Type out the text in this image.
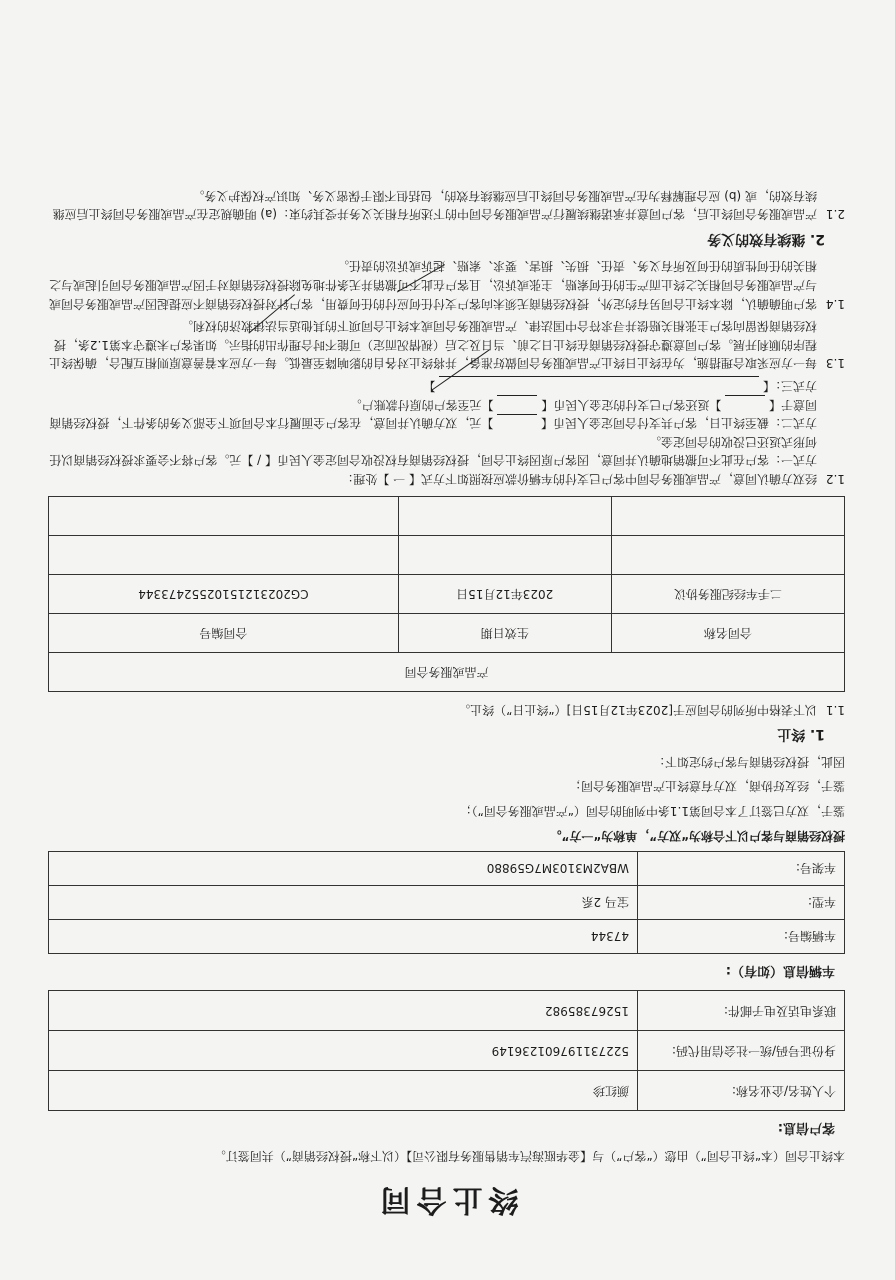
终止合同
本终止合同（本“终止合同”）由您（“客户”）与【金华瓯海汽车销售服务有限公司】（以下称“授权经销商”）共同签订。
客户信息:
个人姓名/企业名称:	颜红珍
身份证号码/统一社会信用代码:	522731197601236149
联系电话及电子邮件:	15267385982
车辆信息（如有）:
车辆编号:	47344
车型:	宝马 2系
车架号:	WBA2M3103M7G59880
授权经销商与客户以下合称为“双方”，单称为“一方”。
鉴于，双方已签订了本合同第1.1条中列明的合同（“产品或服务合同”）；
鉴于，经友好协商，双方有意终止产品或服务合同；
因此，授权经销商与客户约定如下：
1. 终止
1.1
以下表格中所列的合同应于[2023年12月15日]（“终止日”）终止。
产品或服务合同		
合同名称	生效日期	合同编号
二手车经纪服务协议	2023年12月15日	CG20231215102552473344

1.2
经双方确认同意，产品或服务合同中客户已支付的车辆价款应按照如下方式【 一 】处理：
方式一：客户在此不可撤销地确认并同意，因客户原因终止合同，授权经销商有权没收合同定金人民币【 / 】元。客户将不会要求授权经销商以任何形式返还已没收的合同定金。
方式二：截至终止日，客户共支付合同定金人民币【  】元，双方确认并同意，在客户全面履行本合同项下全部义务的条件下，授权经销商同意于【  】返还客户已支付的定金人民币【  】元至客户的原付款账户。
方式三：【  】
1.3
每一方应采取合理措施，为在终止日终止产品或服务合同做好准备，并将终止对各自的影响降至最低。每一方应本着善意原则相互配合，确保终止程序的顺利开展。客户同意遵守授权经销商在终止日之前、当日及之后（视情况而定）可能不时合理作出的指示。如果客户未遵守本第1.2条，授权经销商保留向客户主张相关赔偿并寻求符合中国法律、产品或服务合同或本终止合同项下的其他适当法律救济的权利。
1.4
客户明确确认，除本终止合同另有约定外，授权经销商无须未向客户支付任何应付的任何费用，客户针对授权经销商不应提起因产品或服务合同或与产品或服务合同相关之终止而产生的任何索赔，主张或诉讼，且客户在此不可撤销并无条件地免除授权经销商对于因产品或服务合同引起或与之相关的任何性质的任何及所有义务、责任、损失、损害、要求、索赔、起诉或诉讼的责任。
2. 继续有效的义务
2.1
产品或服务合同终止后，客户同意并承诺继续履行产品或服务合同中的下述所有相关义务并受其约束：(a) 明确规定在产品或服务合同终止后应继续有效的，或 (b) 应合理解释为在产品或服务合同终止后应继续有效的，包括但不限于保密义务、知识产权保护义务。
